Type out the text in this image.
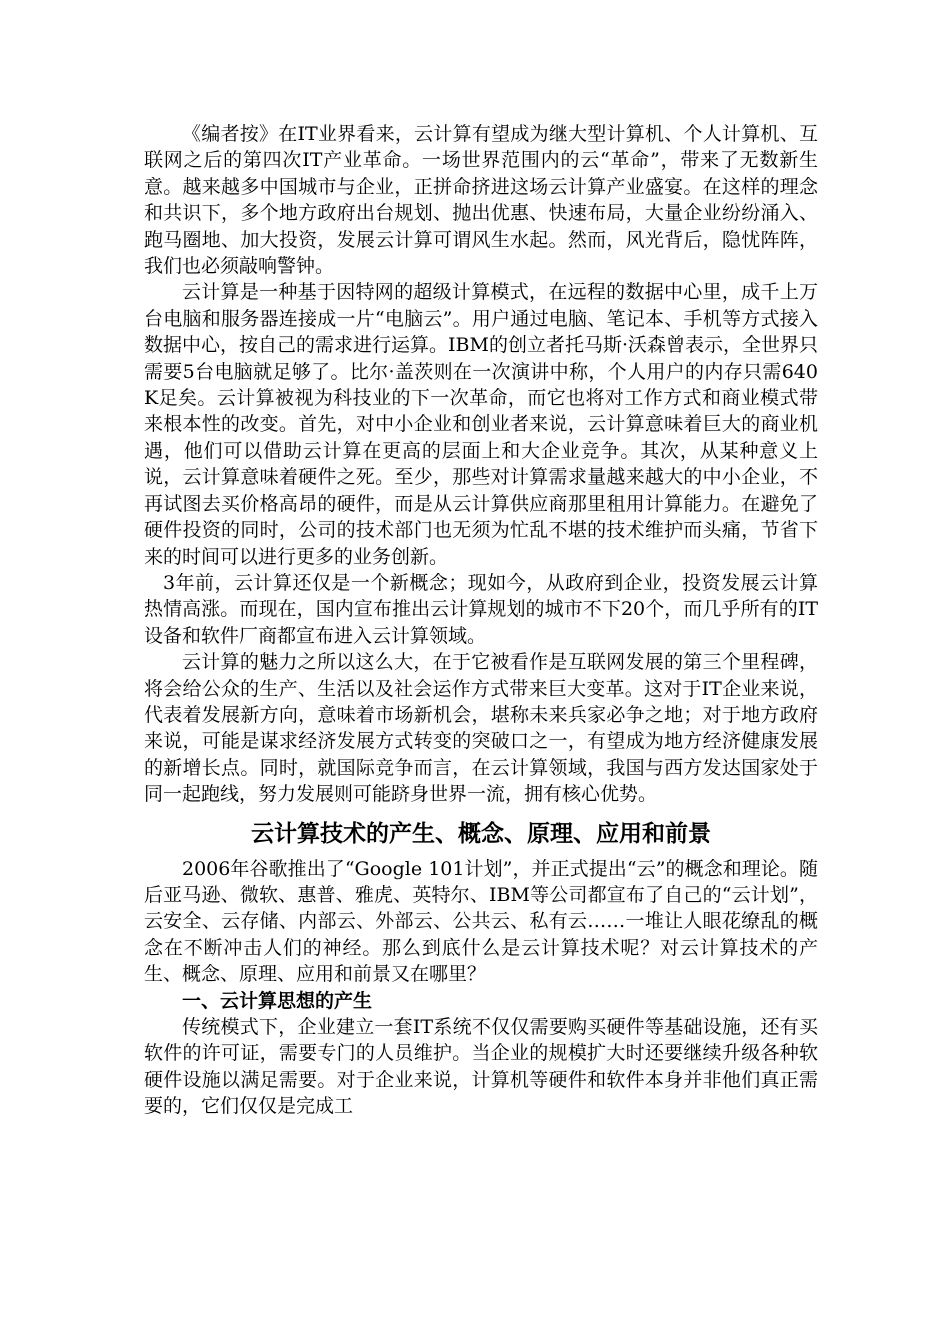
《编者按》在IT业界看来，云计算有望成为继大型计算机、个人计算机、互联网之后的第四次IT产业革命。一场世界范围内的云“革命”，带来了无数新生意。越来越多中国城市与企业，正拼命挤进这场云计算产业盛宴。在这样的理念和共识下，多个地方政府出台规划、抛出优惠、快速布局，大量企业纷纷涌入、跑马圈地、加大投资，发展云计算可谓风生水起。然而，风光背后，隐忧阵阵，我们也必须敲响警钟。

云计算是一种基于因特网的超级计算模式，在远程的数据中心里，成千上万台电脑和服务器连接成一片“电脑云”。用户通过电脑、笔记本、手机等方式接入数据中心，按自己的需求进行运算。IBM的创立者托马斯·沃森曾表示，全世界只需要5台电脑就足够了。比尔·盖茨则在一次演讲中称，个人用户的内存只需640K足矣。云计算被视为科技业的下一次革命，而它也将对工作方式和商业模式带来根本性的改变。首先，对中小企业和创业者来说，云计算意味着巨大的商业机遇，他们可以借助云计算在更高的层面上和大企业竞争。其次，从某种意义上说，云计算意味着硬件之死。至少，那些对计算需求量越来越大的中小企业，不再试图去买价格高昂的硬件，而是从云计算供应商那里租用计算能力。在避免了硬件投资的同时，公司的技术部门也无须为忙乱不堪的技术维护而头痛，节省下来的时间可以进行更多的业务创新。

3年前，云计算还仅是一个新概念；现如今，从政府到企业，投资发展云计算热情高涨。而现在，国内宣布推出云计算规划的城市不下20个，而几乎所有的IT设备和软件厂商都宣布进入云计算领域。

云计算的魅力之所以这么大，在于它被看作是互联网发展的第三个里程碑，将会给公众的生产、生活以及社会运作方式带来巨大变革。这对于IT企业来说，代表着发展新方向，意味着市场新机会，堪称未来兵家必争之地；对于地方政府来说，可能是谋求经济发展方式转变的突破口之一，有望成为地方经济健康发展的新增长点。同时，就国际竞争而言，在云计算领域，我国与西方发达国家处于同一起跑线，努力发展则可能跻身世界一流，拥有核心优势。

云计算技术的产生、概念、原理、应用和前景

2006年谷歌推出了“Google 101计划”，并正式提出“云”的概念和理论。随后亚马逊、微软、惠普、雅虎、英特尔、IBM等公司都宣布了自己的“云计划”，云安全、云存储、内部云、外部云、公共云、私有云……一堆让人眼花缭乱的概念在不断冲击人们的神经。那么到底什么是云计算技术呢？对云计算技术的产生、概念、原理、应用和前景又在哪里？

一、云计算思想的产生

传统模式下，企业建立一套IT系统不仅仅需要购买硬件等基础设施，还有买软件的许可证，需要专门的人员维护。当企业的规模扩大时还要继续升级各种软硬件设施以满足需要。对于企业来说，计算机等硬件和软件本身并非他们真正需要的，它们仅仅是完成工
